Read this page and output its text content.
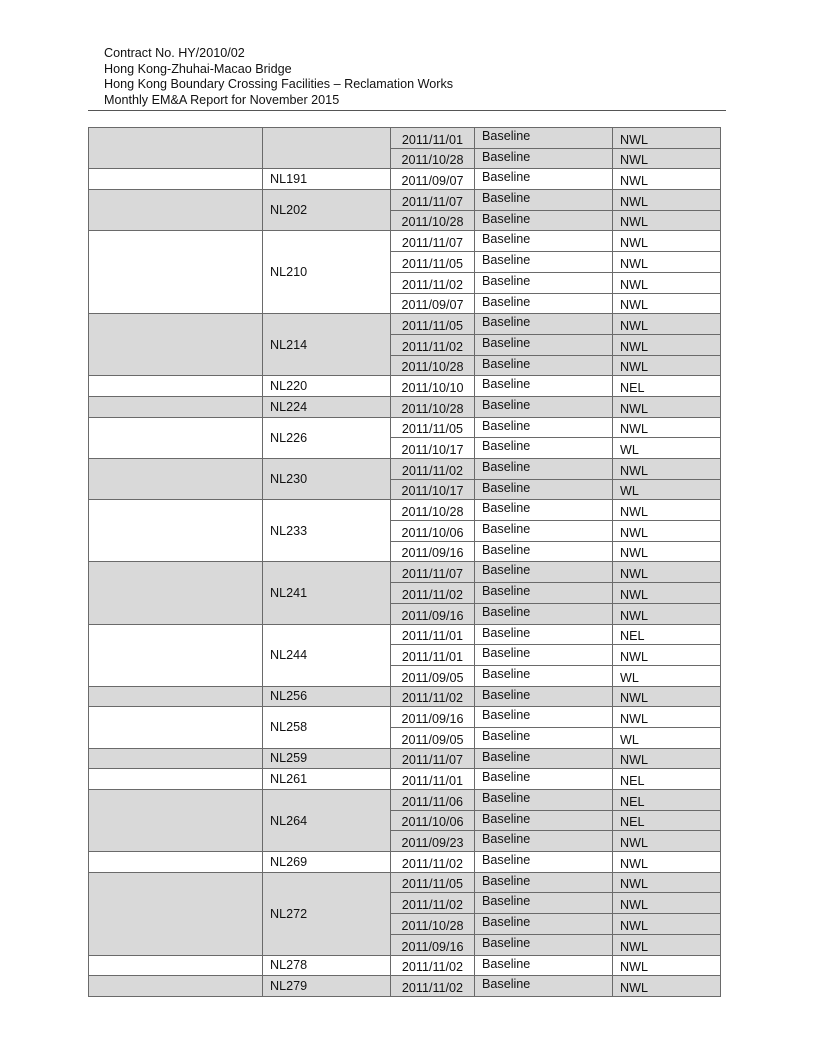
Contract No. HY/2010/02
Hong Kong-Zhuhai-Macao Bridge
Hong Kong Boundary Crossing Facilities – Reclamation Works
Monthly EM&A Report for November 2015
		2011/11/01	Baseline	NWL
		2011/10/28	Baseline	NWL
	NL191	2011/09/07	Baseline	NWL
	NL202	2011/11/07	Baseline	NWL
		2011/10/28	Baseline	NWL
	NL210	2011/11/07	Baseline	NWL
		2011/11/05	Baseline	NWL
		2011/11/02	Baseline	NWL
		2011/09/07	Baseline	NWL
	NL214	2011/11/05	Baseline	NWL
		2011/11/02	Baseline	NWL
		2011/10/28	Baseline	NWL
	NL220	2011/10/10	Baseline	NEL
	NL224	2011/10/28	Baseline	NWL
	NL226	2011/11/05	Baseline	NWL
		2011/10/17	Baseline	WL
	NL230	2011/11/02	Baseline	NWL
		2011/10/17	Baseline	WL
	NL233	2011/10/28	Baseline	NWL
		2011/10/06	Baseline	NWL
		2011/09/16	Baseline	NWL
	NL241	2011/11/07	Baseline	NWL
		2011/11/02	Baseline	NWL
		2011/09/16	Baseline	NWL
	NL244	2011/11/01	Baseline	NEL
		2011/11/01	Baseline	NWL
		2011/09/05	Baseline	WL
	NL256	2011/11/02	Baseline	NWL
	NL258	2011/09/16	Baseline	NWL
		2011/09/05	Baseline	WL
	NL259	2011/11/07	Baseline	NWL
	NL261	2011/11/01	Baseline	NEL
	NL264	2011/11/06	Baseline	NEL
		2011/10/06	Baseline	NEL
		2011/09/23	Baseline	NWL
	NL269	2011/11/02	Baseline	NWL
	NL272	2011/11/05	Baseline	NWL
		2011/11/02	Baseline	NWL
		2011/10/28	Baseline	NWL
		2011/09/16	Baseline	NWL
	NL278	2011/11/02	Baseline	NWL
	NL279	2011/11/02	Baseline	NWL
